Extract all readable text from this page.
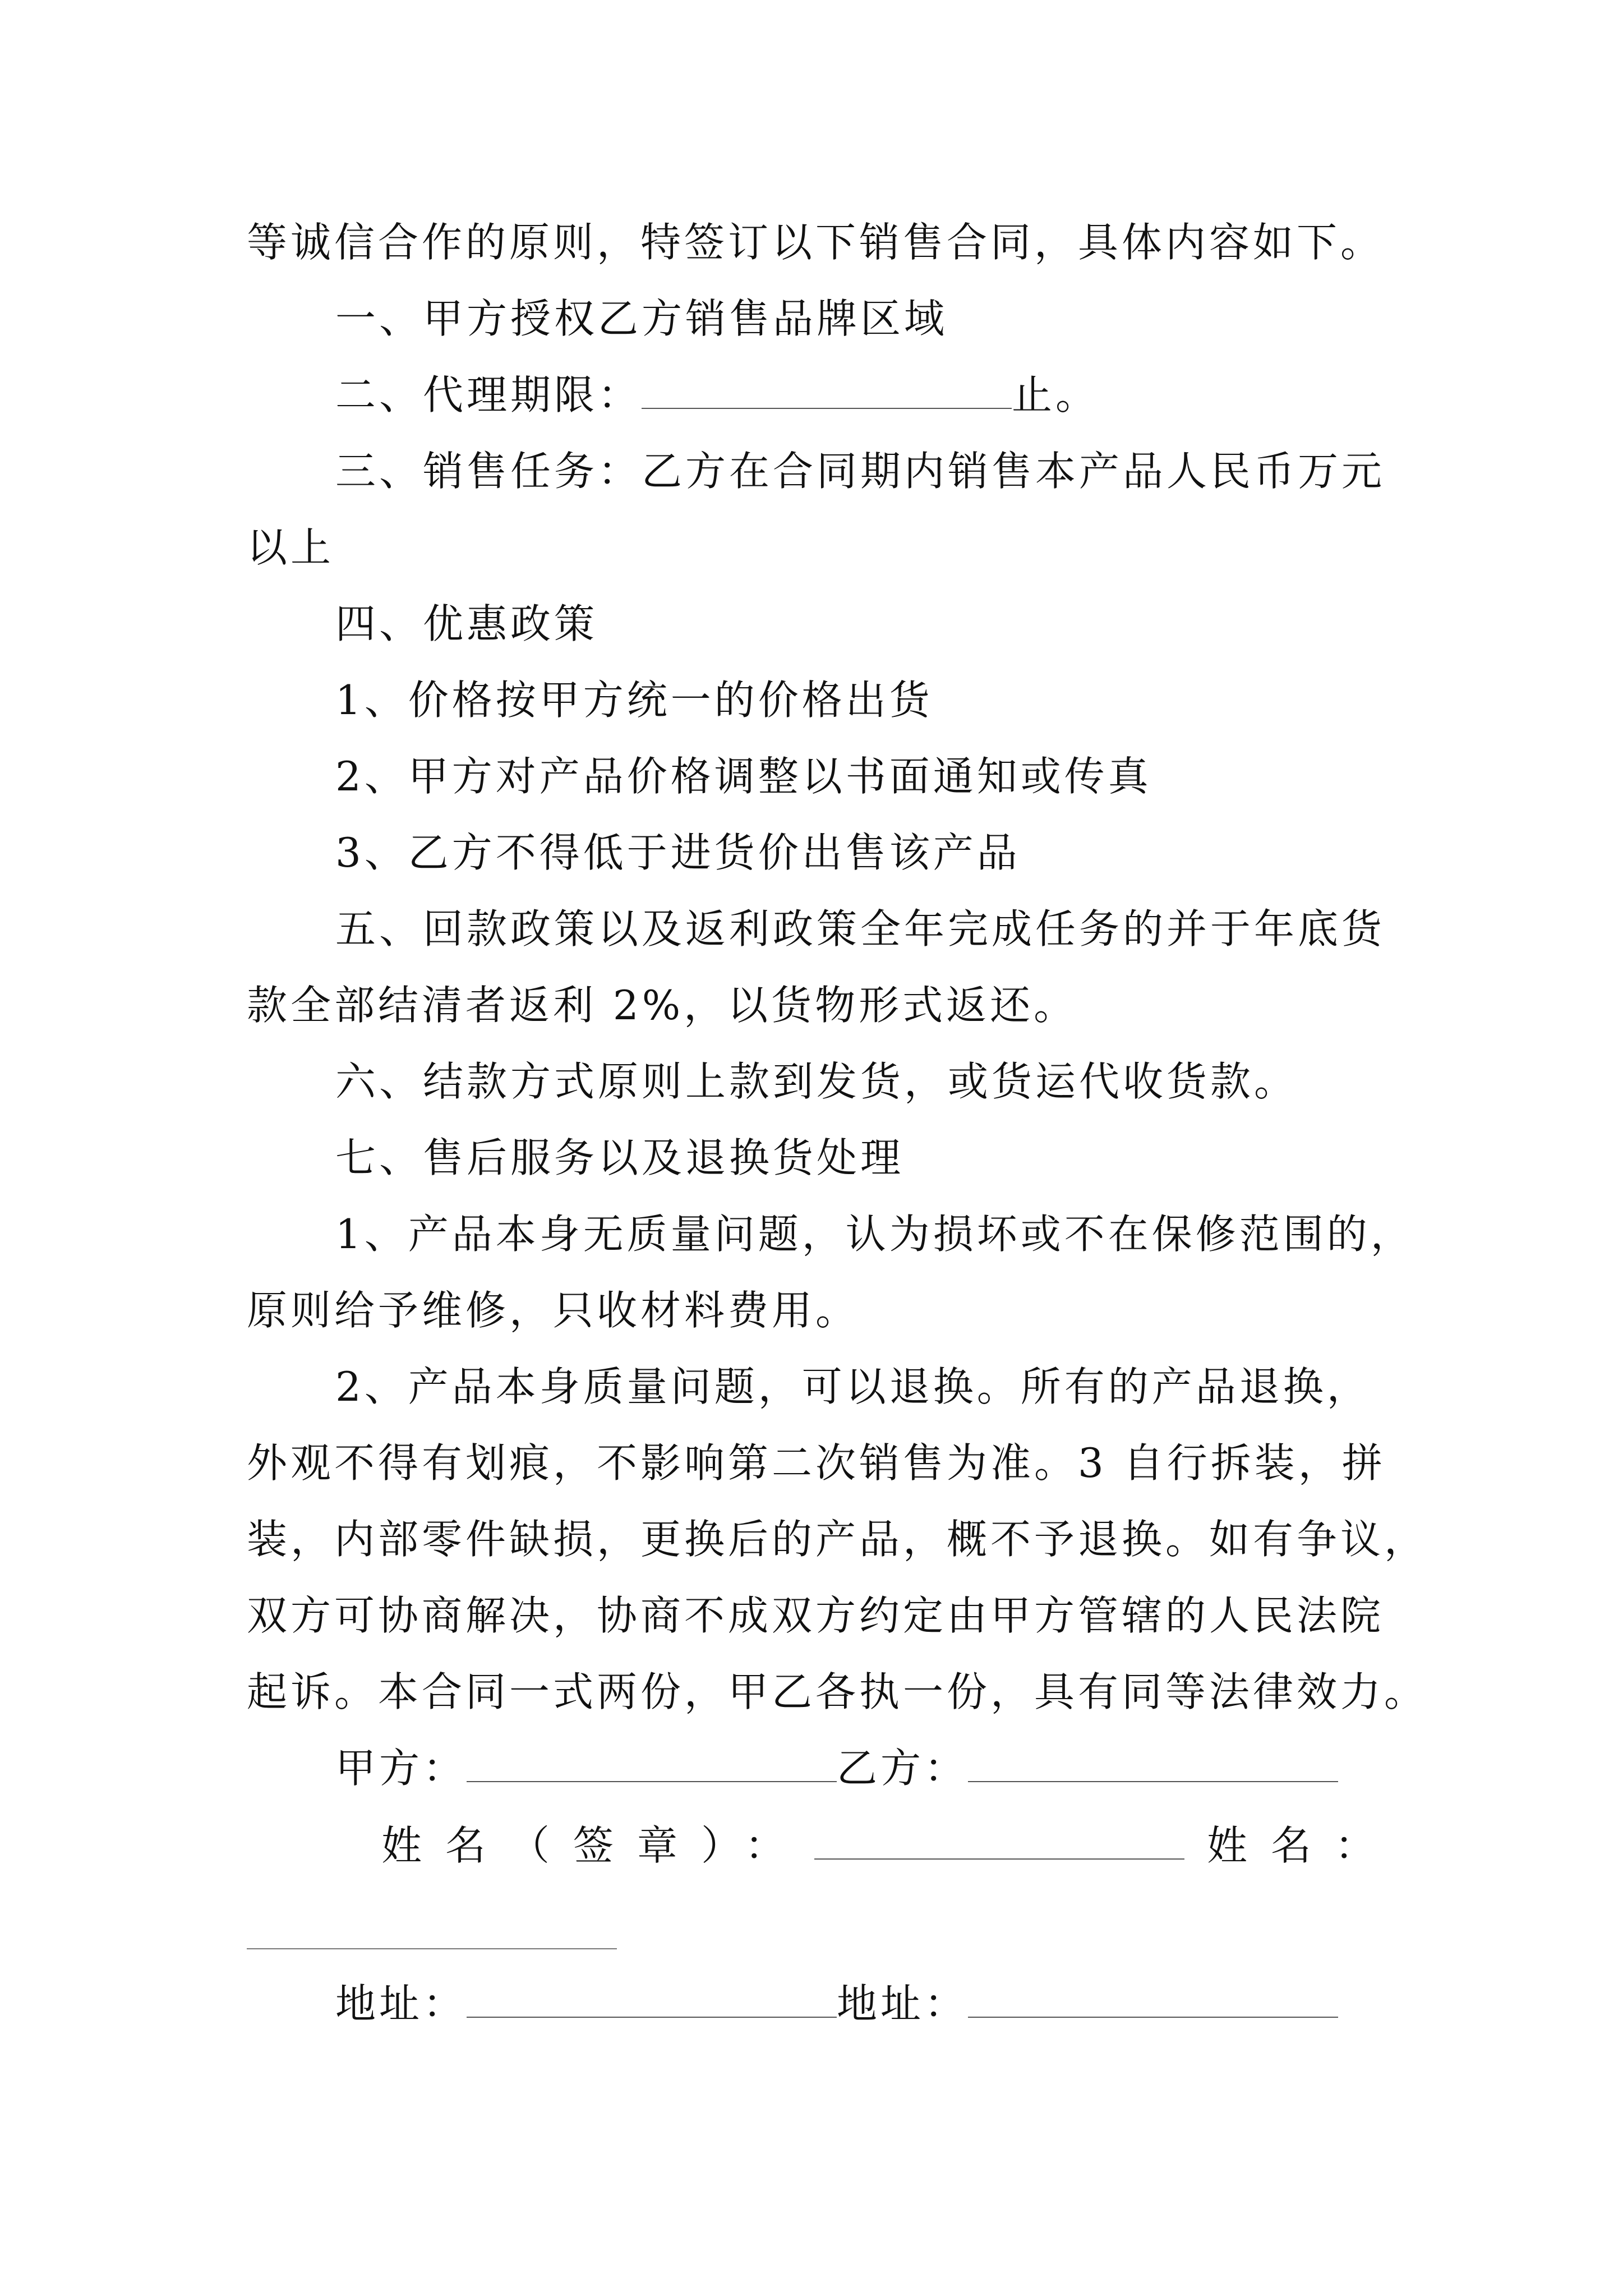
等诚信合作的原则，特签订以下销售合同，具体内容如下。
一、甲方授权乙方销售品牌区域
二、代理期限：	止。
三、销售任务：乙方在合同期内销售本产品人民币万元
以上
四、优惠政策
1、价格按甲方统一的价格出货
2、甲方对产品价格调整以书面通知或传真
3、乙方不得低于进货价出售该产品
五、回款政策以及返利政策全年完成任务的并于年底货
款全部结清者返利 2%，以货物形式返还。
六、结款方式原则上款到发货，或货运代收货款。
七、售后服务以及退换货处理
1、产品本身无质量问题，认为损坏或不在保修范围的，
原则给予维修，只收材料费用。
2、产品本身质量问题，可以退换。所有的产品退换，
外观不得有划痕，不影响第二次销售为准。3 自行拆装，拼
装，内部零件缺损，更换后的产品，概不予退换。如有争议，
双方可协商解决，协商不成双方约定由甲方管辖的人民法院
起诉。本合同一式两份，甲乙各执一份，具有同等法律效力。
甲方：	乙方：
姓名（签章）：	姓名：
地址：	地址：
